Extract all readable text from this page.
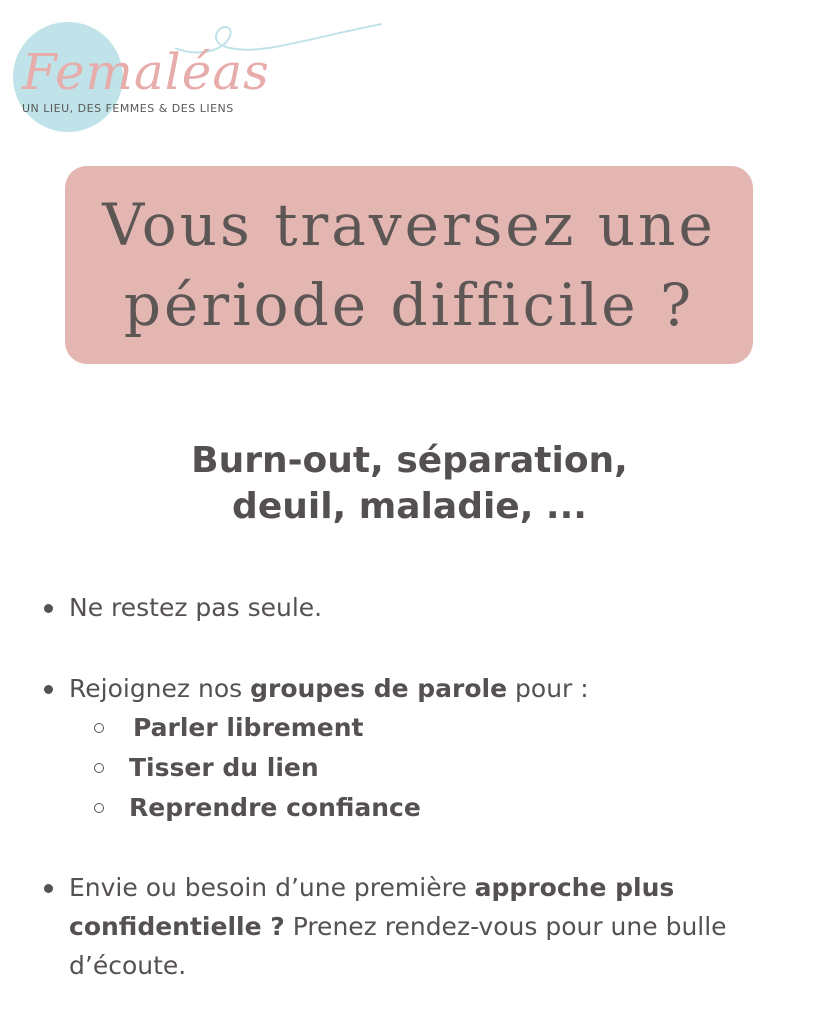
Femaléas
UN LIEU, DES FEMMES & DES LIENS
Vous traversez une
période difficile ?
Burn-out, séparation,
deuil, maladie, ...
Ne restez pas seule.
Rejoignez nos groupes de parole pour :
Parler librement
Tisser du lien
Reprendre confiance
Envie ou besoin d’une première approche plus confidentielle ? Prenez rendez-vous pour une bulle d’écoute.
